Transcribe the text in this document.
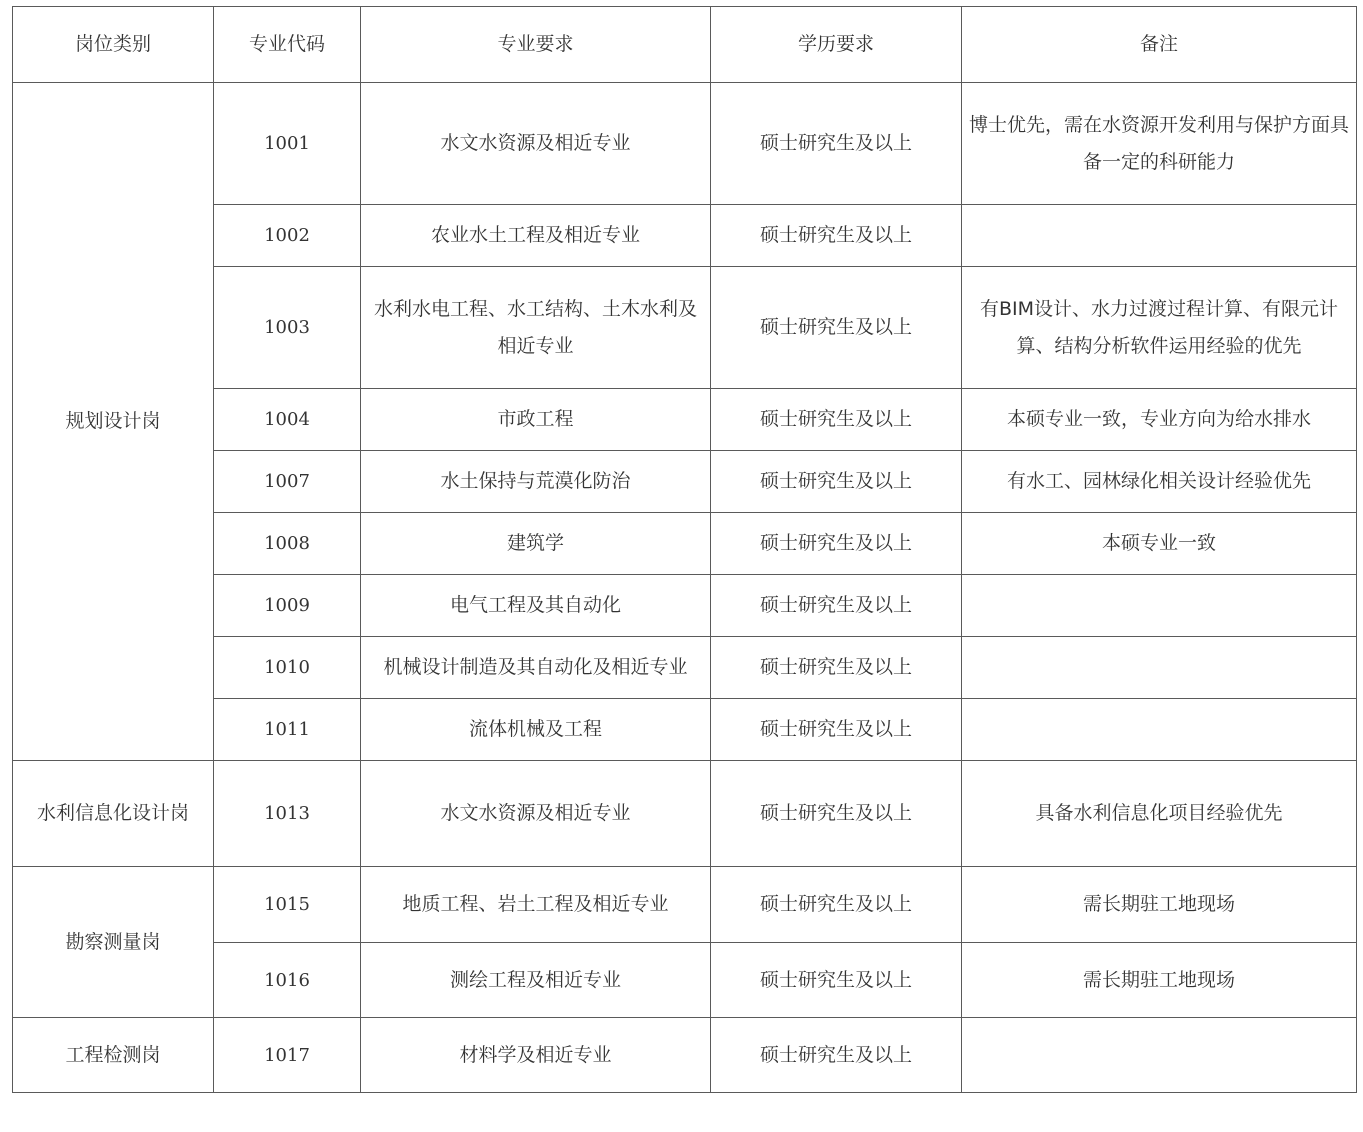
岗位类别	专业代码	专业要求	学历要求	备注
规划设计岗	1001	水文水资源及相近专业	硕士研究生及以上	博士优先，需在水资源开发利用与保护方面具备一定的科研能力
	1002	农业水土工程及相近专业	硕士研究生及以上	
	1003	水利水电工程、水工结构、土木水利及相近专业	硕士研究生及以上	有BIM设计、水力过渡过程计算、有限元计算、结构分析软件运用经验的优先
	1004	市政工程	硕士研究生及以上	本硕专业一致，专业方向为给水排水
	1007	水土保持与荒漠化防治	硕士研究生及以上	有水工、园林绿化相关设计经验优先
	1008	建筑学	硕士研究生及以上	本硕专业一致
	1009	电气工程及其自动化	硕士研究生及以上	
	1010	机械设计制造及其自动化及相近专业	硕士研究生及以上	
	1011	流体机械及工程	硕士研究生及以上	
水利信息化设计岗	1013	水文水资源及相近专业	硕士研究生及以上	具备水利信息化项目经验优先
勘察测量岗	1015	地质工程、岩土工程及相近专业	硕士研究生及以上	需长期驻工地现场
	1016	测绘工程及相近专业	硕士研究生及以上	需长期驻工地现场
工程检测岗	1017	材料学及相近专业	硕士研究生及以上	
